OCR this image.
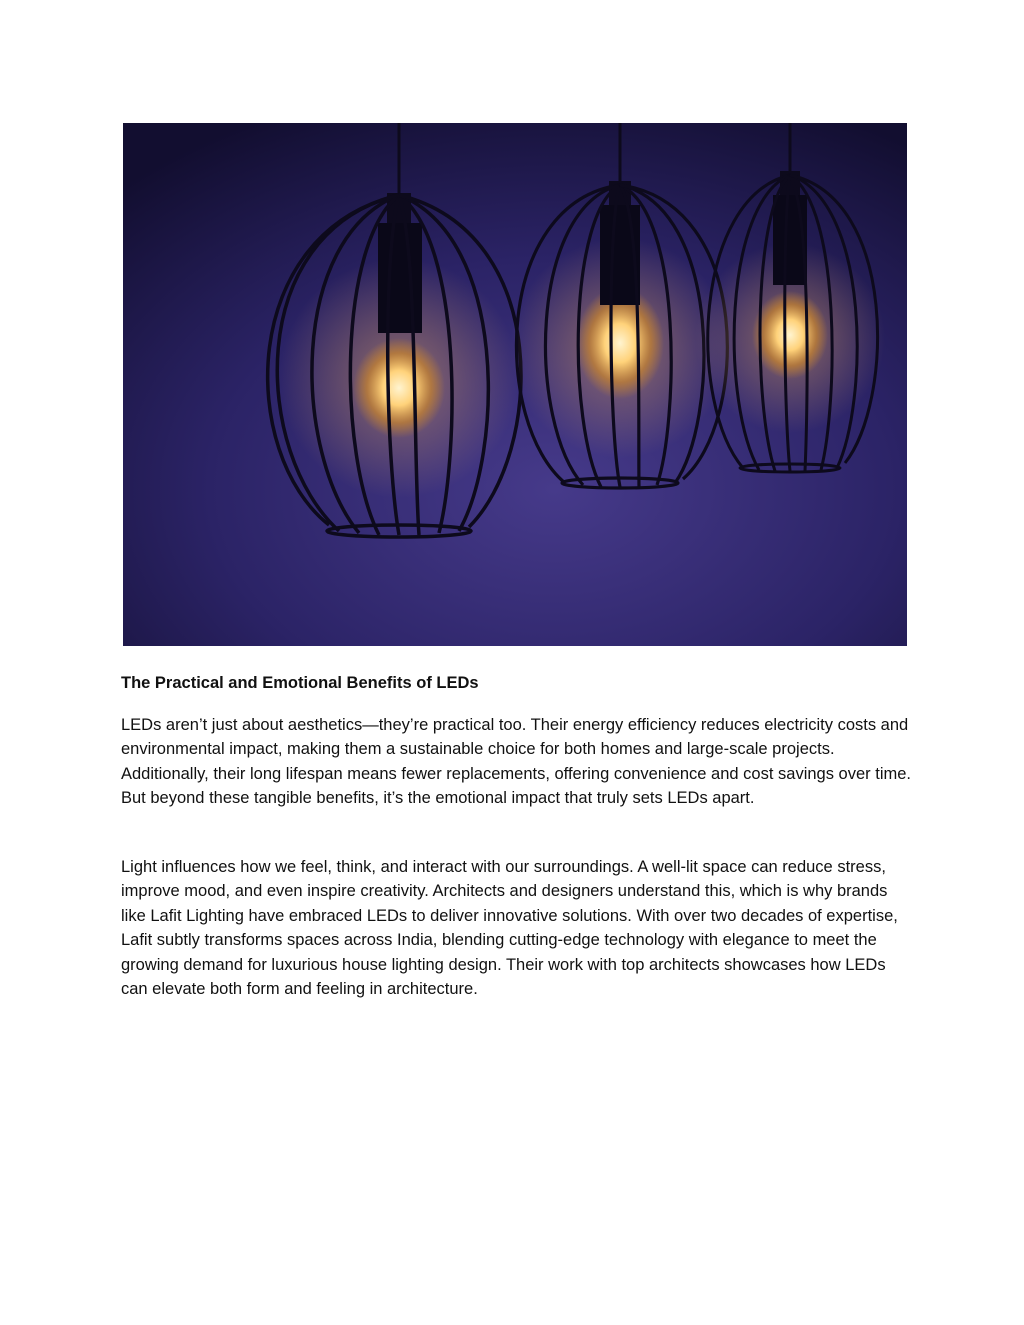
The Practical and Emotional Benefits of LEDs

LEDs aren’t just about aesthetics—they’re practical too. Their energy efficiency reduces electricity costs and environmental impact, making them a sustainable choice for both homes and large-scale projects. Additionally, their long lifespan means fewer replacements, offering convenience and cost savings over time. But beyond these tangible benefits, it’s the emotional impact that truly sets LEDs apart.

Light influences how we feel, think, and interact with our surroundings. A well-lit space can reduce stress, improve mood, and even inspire creativity. Architects and designers understand this, which is why brands like Lafit Lighting have embraced LEDs to deliver innovative solutions. With over two decades of expertise, Lafit subtly transforms spaces across India, blending cutting-edge technology with elegance to meet the growing demand for luxurious house lighting design. Their work with top architects showcases how LEDs can elevate both form and feeling in architecture.
